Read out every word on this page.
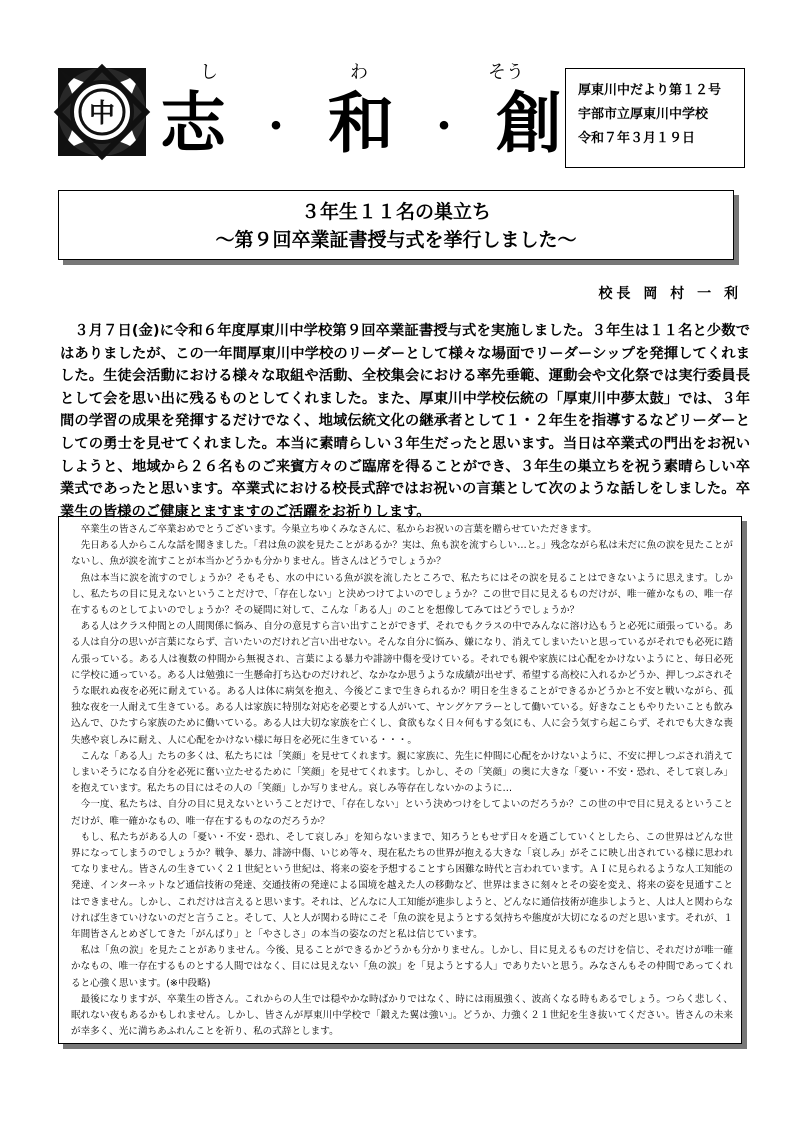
中
し	わ	そう
志 ・ 和 ・ 創 厚東川中だより第１２号
宇部市立厚東川中学校
令和７年３月１９日
３年生１１名の巣立ち
～第９回卒業証書授与式を挙行しました～
校長 岡 村 一 利

３月７日(金)に令和６年度厚東川中学校第９回卒業証書授与式を実施しました。３年生は１１名と少数ではありましたが、この一年間厚東川中学校のリーダーとして様々な場面でリーダーシップを発揮してくれました。生徒会活動における様々な取組や活動、全校集会における率先垂範、運動会や文化祭では実行委員長として会を思い出に残るものとしてくれました。また、厚東川中学校伝統の「厚東川中夢太鼓」では、３年間の学習の成果を発揮するだけでなく、地域伝統文化の継承者として１・２年生を指導するなどリーダーとしての勇士を見せてくれました。本当に素晴らしい３年生だったと思います。当日は卒業式の門出をお祝いしようと、地域から２６名ものご来賓方々のご臨席を得ることができ、３年生の巣立ちを祝う素晴らしい卒業式であったと思います。卒業式における校長式辞ではお祝いの言葉として次のような話しをしました。卒業生の皆様のご健康とますますのご活躍をお祈りします。

卒業生の皆さんご卒業おめでとうございます。今巣立ちゆくみなさんに、私からお祝いの言葉を贈らせていただきます。

先日ある人からこんな話を聞きました。「君は魚の涙を見たことがあるか？実は、魚も涙を流すらしい…と。」残念ながら私は未だに魚の涙を見たことがないし、魚が涙を流すことが本当かどうかも分かりません。皆さんはどうでしょうか？

魚は本当に涙を流すのでしょうか？そもそも、水の中にいる魚が涙を流したところで、私たちにはその涙を見ることはできないように思えます。しかし、私たちの目に見えないということだけで、「存在しない」と決めつけてよいのでしょうか？この世で目に見えるものだけが、唯一確かなもの、唯一存在するものとしてよいのでしょうか？その疑問に対して、こんな「ある人」のことを想像してみてはどうでしょうか？

ある人はクラス仲間との人間関係に悩み、自分の意見すら言い出すことができず、それでもクラスの中でみんなに溶け込もうと必死に頑張っている。ある人は自分の思いが言葉にならず、言いたいのだけれど言い出せない。そんな自分に悩み、嫌になり、消えてしまいたいと思っているがそれでも必死に踏ん張っている。ある人は複数の仲間から無視され、言葉による暴力や誹謗中傷を受けている。それでも親や家族には心配をかけないようにと、毎日必死に学校に通っている。ある人は勉強に一生懸命打ち込むのだけれど、なかなか思うような成績が出せず、希望する高校に入れるかどうか、押しつぶされそうな眠れぬ夜を必死に耐えている。ある人は体に病気を抱え、今後どこまで生きられるか？明日を生きることができるかどうかと不安と戦いながら、孤独な夜を一人耐えて生きている。ある人は家族に特別な対応を必要とする人がいて、ヤングケアラーとして働いている。好きなこともやりたいことも飲み込んで、ひたすら家族のために働いている。ある人は大切な家族を亡くし、食欲もなく日々何もする気にも、人に会う気すら起こらず、それでも大きな喪失感や哀しみに耐え、人に心配をかけない様に毎日を必死に生きている・・・。

こんな「ある人」たちの多くは、私たちには「笑顔」を見せてくれます。親に家族に、先生に仲間に心配をかけないように、不安に押しつぶされ消えてしまいそうになる自分を必死に奮い立たせるために「笑顔」を見せてくれます。しかし、その「笑顔」の奥に大きな「憂い・不安・恐れ、そして哀しみ」を抱えています。私たちの目にはその人の「笑顔」しか写りません。哀しみ等存在しないかのように…

今一度、私たちは、自分の目に見えないということだけで、「存在しない」という決めつけをしてよいのだろうか？この世の中で目に見えるということだけが、唯一確かなもの、唯一存在するものなのだろうか？

もし、私たちがある人の「憂い・不安・恐れ、そして哀しみ」を知らないままで、知ろうともせず日々を過ごしていくとしたら、この世界はどんな世界になってしまうのでしょうか？戦争、暴力、誹謗中傷、いじめ等々、現在私たちの世界が抱える大きな「哀しみ」がそこに映し出されている様に思われてなりません。皆さんの生きていく２１世紀という世紀は、将来の姿を予想することすら困難な時代と言われています。ＡＩに見られるような人工知能の発達、インターネットなど通信技術の発達、交通技術の発達による国境を越えた人の移動など、世界はまさに刻々とその姿を変え、将来の姿を見通すことはできません。しかし、これだけは言えると思います。それは、どんなに人工知能が進歩しようと、どんなに通信技術が進歩しようと、人は人と関わらなければ生きていけないのだと言うこと。そして、人と人が関わる時にこそ「魚の涙を見ようとする気持ちや態度が大切になるのだと思います。それが、１年間皆さんとめざしてきた「がんばり」と「やさしさ」の本当の姿なのだと私は信じています。

私は「魚の涙」を見たことがありません。今後、見ることができるかどうかも分かりません。しかし、目に見えるものだけを信じ、それだけが唯一確かなもの、唯一存在するものとする人間ではなく、目には見えない「魚の涙」を「見ようとする人」でありたいと思う。みなさんもその仲間であってくれると心強く思います。(※中段略)

最後になりますが、卒業生の皆さん。これからの人生では穏やかな時ばかりではなく、時には雨風強く、波高くなる時もあるでしょう。つらく悲しく、眠れない夜もあるかもしれません。しかし、皆さんが厚東川中学校で「鍛えた翼は強い」。どうか、力強く２１世紀を生き抜いてください。皆さんの未来が幸多く、光に満ちあふれんことを祈り、私の式辞とします。
